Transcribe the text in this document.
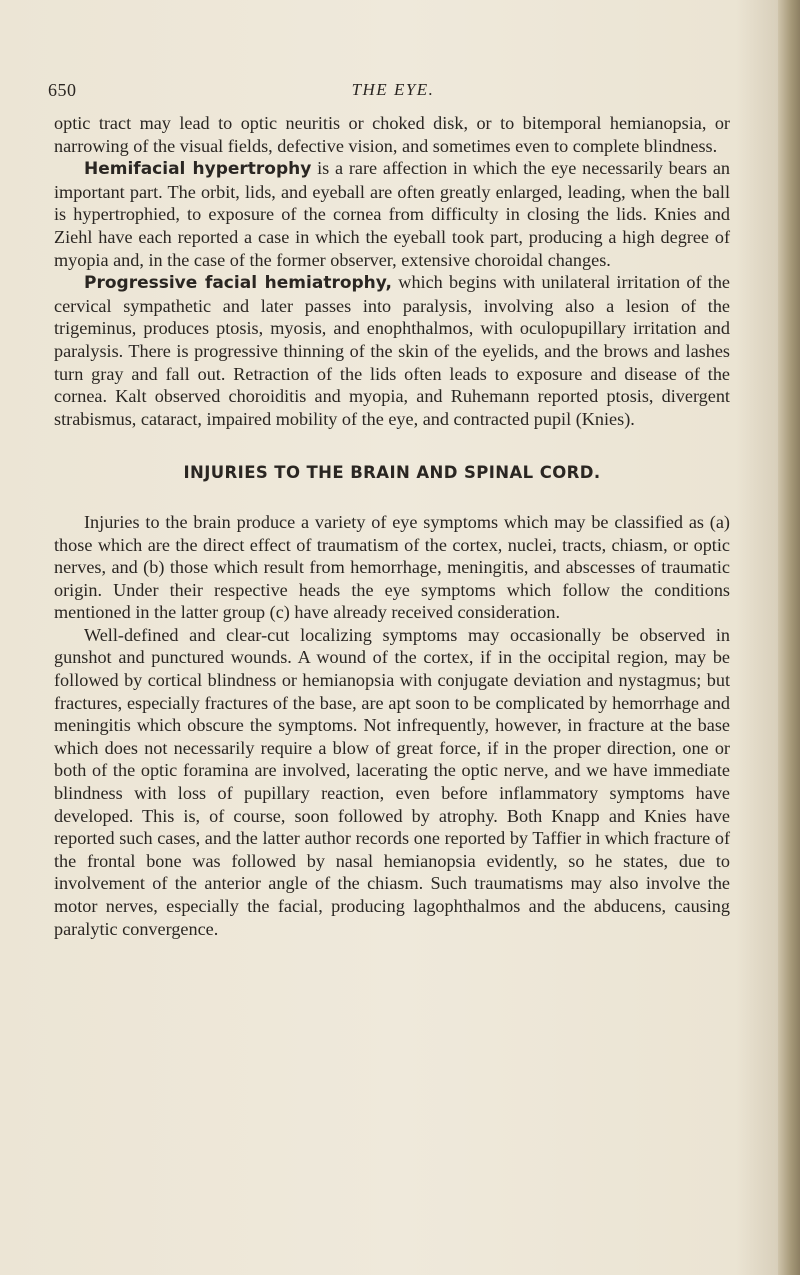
650	THE EYE.

optic tract may lead to optic neuritis or choked disk, or to bitemporal hemianopsia, or narrowing of the visual fields, defective vision, and sometimes even to complete blindness.

Hemifacial hypertrophy is a rare affection in which the eye necessarily bears an important part. The orbit, lids, and eyeball are often greatly enlarged, leading, when the ball is hypertrophied, to exposure of the cornea from difficulty in closing the lids. Knies and Ziehl have each reported a case in which the eyeball took part, producing a high degree of myopia and, in the case of the former observer, extensive choroidal changes.

Progressive facial hemiatrophy, which begins with unilateral irritation of the cervical sympathetic and later passes into paralysis, involving also a lesion of the trigeminus, produces ptosis, myosis, and enophthalmos, with oculopupillary irritation and paralysis. There is progressive thinning of the skin of the eyelids, and the brows and lashes turn gray and fall out. Retraction of the lids often leads to exposure and disease of the cornea. Kalt observed choroiditis and myopia, and Ruhemann reported ptosis, divergent strabismus, cataract, impaired mobility of the eye, and contracted pupil (Knies).

INJURIES TO THE BRAIN AND SPINAL CORD.

Injuries to the brain produce a variety of eye symptoms which may be classified as (a) those which are the direct effect of traumatism of the cortex, nuclei, tracts, chiasm, or optic nerves, and (b) those which result from hemorrhage, meningitis, and abscesses of traumatic origin. Under their respective heads the eye symptoms which follow the conditions mentioned in the latter group (c) have already received consideration.

Well-defined and clear-cut localizing symptoms may occasionally be observed in gunshot and punctured wounds. A wound of the cortex, if in the occipital region, may be followed by cortical blindness or hemianopsia with conjugate deviation and nystagmus; but fractures, especially fractures of the base, are apt soon to be complicated by hemorrhage and meningitis which obscure the symptoms. Not infrequently, however, in fracture at the base which does not necessarily require a blow of great force, if in the proper direction, one or both of the optic foramina are involved, lacerating the optic nerve, and we have immediate blindness with loss of pupillary reaction, even before inflammatory symptoms have developed. This is, of course, soon followed by atrophy. Both Knapp and Knies have reported such cases, and the latter author records one reported by Taffier in which fracture of the frontal bone was followed by nasal hemianopsia evidently, so he states, due to involvement of the anterior angle of the chiasm. Such traumatisms may also involve the motor nerves, especially the facial, producing lagophthalmos and the abducens, causing paralytic convergence.
